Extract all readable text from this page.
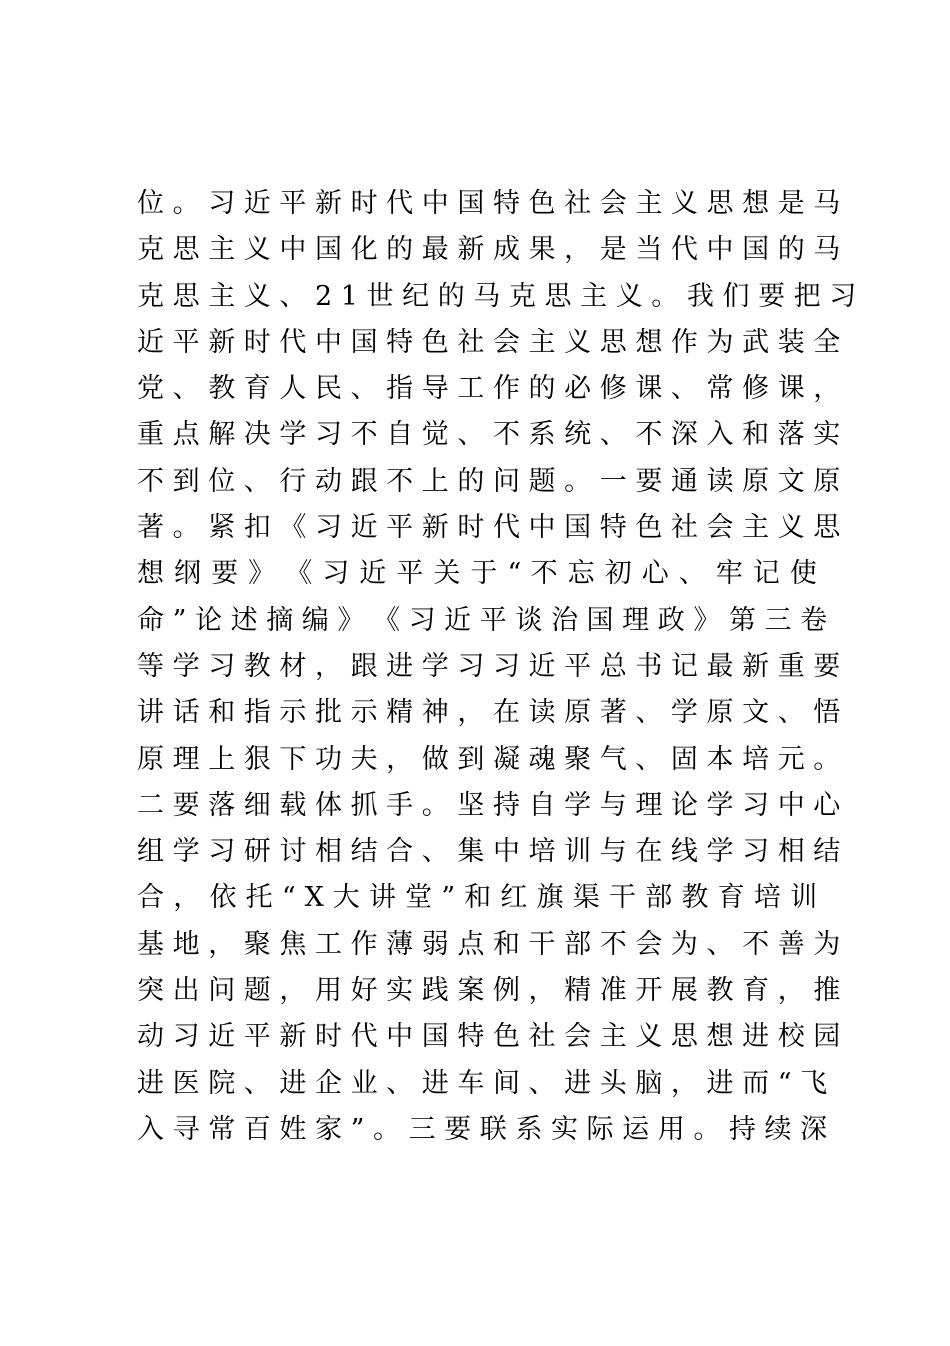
位 。 习 近 平 新 时 代 中 国 特 色 社 会 主 义 思 想 是 马
克 思 主 义 中 国 化 的 最 新 成 果 ， 是 当 代 中 国 的 马
克 思 主 义 、 2 1 世 纪 的 马 克 思 主 义 。 我 们 要 把 习
近 平 新 时 代 中 国 特 色 社 会 主 义 思 想 作 为 武 装 全
党 、 教 育 人 民 、 指 导 工 作 的 必 修 课 、 常 修 课 ，
重 点 解 决 学 习 不 自 觉 、 不 系 统 、 不 深 入 和 落 实
不 到 位 、 行 动 跟 不 上 的 问 题 。 一 要 通 读 原 文 原
著 。 紧 扣 《 习 近 平 新 时 代 中 国 特 色 社 会 主 义 思
想 纲 要 》 《 习 近 平 关 于 “ 不 忘 初 心 、 牢 记 使
命 ” 论 述 摘 编 》 《 习 近 平 谈 治 国 理 政 》 第 三 卷
等 学 习 教 材 ， 跟 进 学 习 习 近 平 总 书 记 最 新 重 要
讲 话 和 指 示 批 示 精 神 ， 在 读 原 著 、 学 原 文 、 悟
原 理 上 狠 下 功 夫 ， 做 到 凝 魂 聚 气 、 固 本 培 元 。
二 要 落 细 载 体 抓 手 。 坚 持 自 学 与 理 论 学 习 中 心
组 学 习 研 讨 相 结 合 、 集 中 培 训 与 在 线 学 习 相 结
合 ， 依 托 “ X 大 讲 堂 ” 和 红 旗 渠 干 部 教 育 培 训
基 地 ， 聚 焦 工 作 薄 弱 点 和 干 部 不 会 为 、 不 善 为
突 出 问 题 ， 用 好 实 践 案 例 ， 精 准 开 展 教 育 ， 推
动 习 近 平 新 时 代 中 国 特 色 社 会 主 义 思 想 进 校 园
进 医 院 、 进 企 业 、 进 车 间 、 进 头 脑 ， 进 而 “ 飞
入 寻 常 百 姓 家 ” 。 三 要 联 系 实 际 运 用 。 持 续 深
